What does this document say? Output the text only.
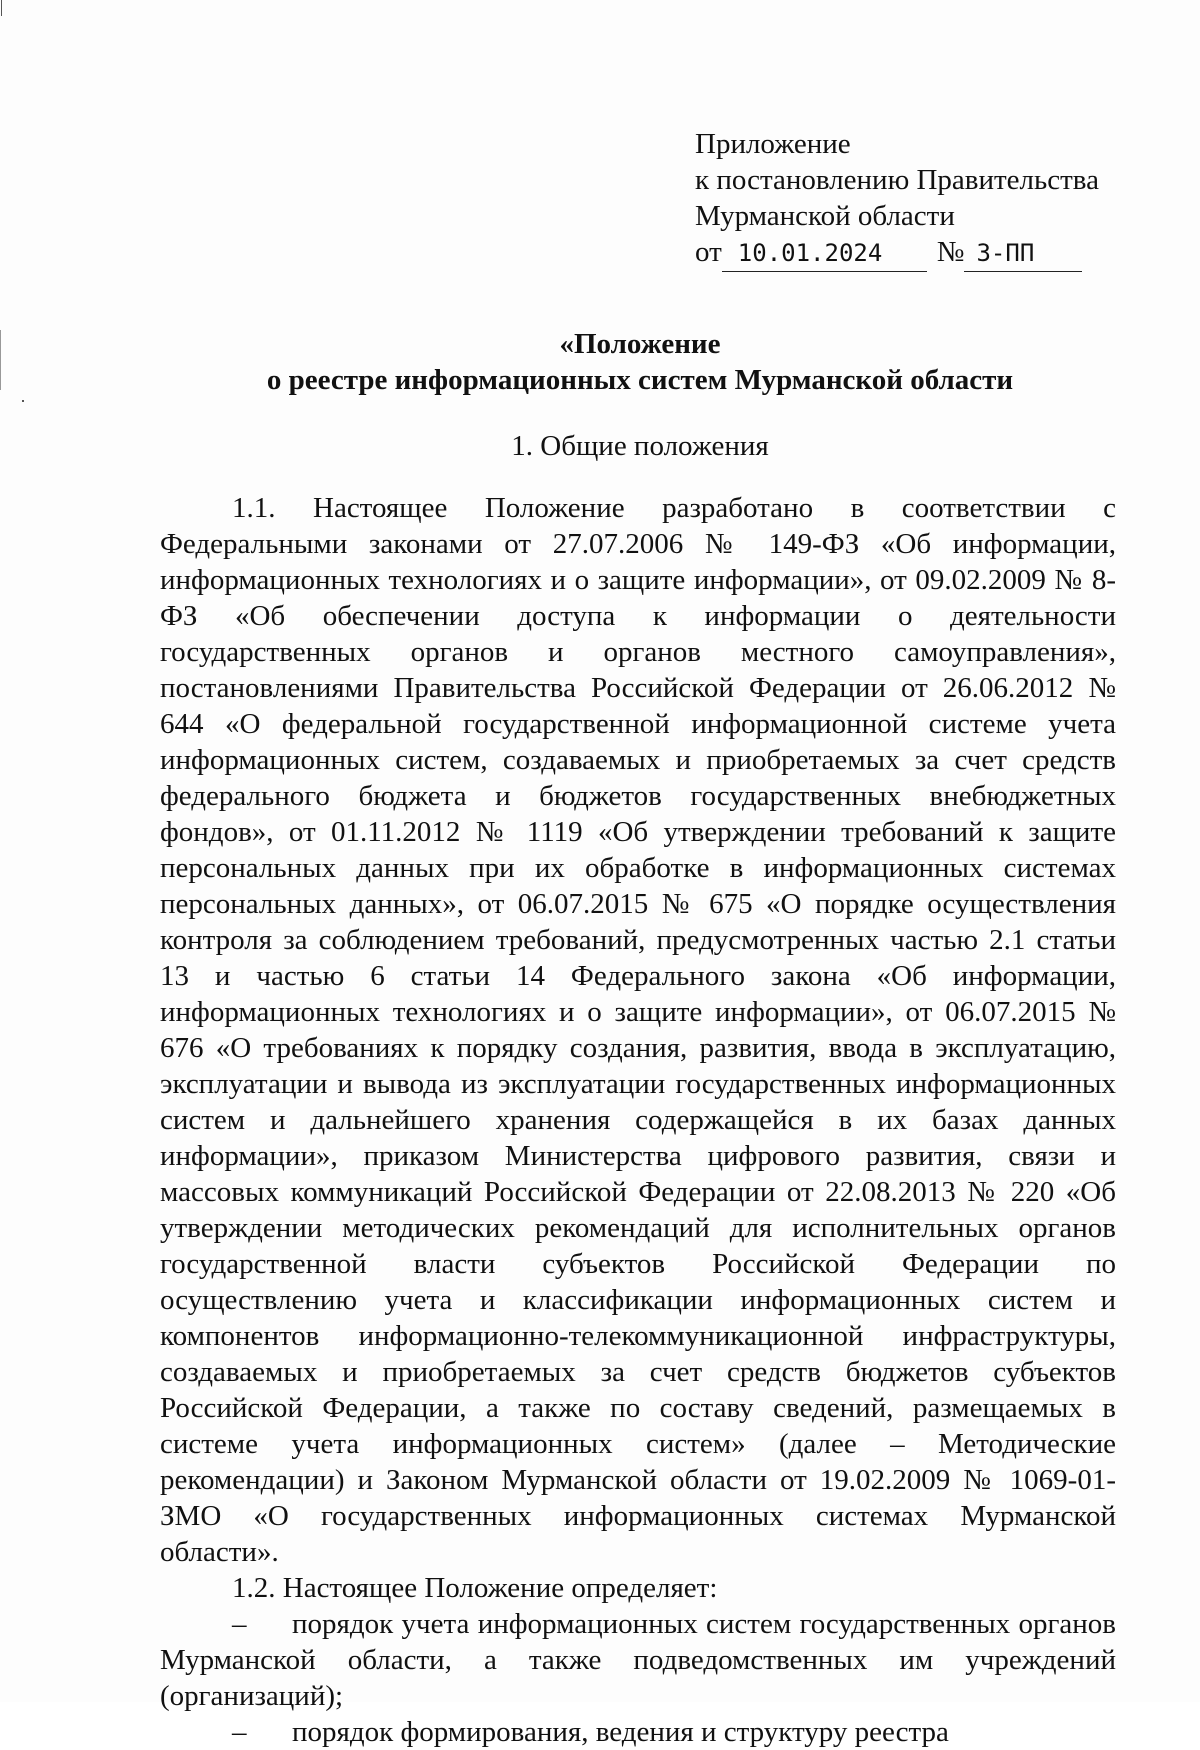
Приложение
к постановлению Правительства
Мурманской области
от 10.01.2024 № 3-ПП
«Положение
о реестре информационных систем Мурманской области
1. Общие положения

1.1. Настоящее Положение разработано в соответствии с Федеральными законами от 27.07.2006 № 149-ФЗ «Об информации, информационных технологиях и о защите информации», от 09.02.2009 № 8-ФЗ «Об обеспечении доступа к информации о деятельности государственных органов и органов местного самоуправления», постановлениями Правительства Российской Федерации от 26.06.2012 № 644 «О федеральной государственной информационной системе учета информационных систем, создаваемых и приобретаемых за счет средств федерального бюджета и бюджетов государственных внебюджетных фондов», от 01.11.2012 № 1119 «Об утверждении требований к защите персональных данных при их обработке в информационных системах персональных данных», от 06.07.2015 № 675 «О порядке осуществления контроля за соблюдением требований, предусмотренных частью 2.1 статьи 13 и частью 6 статьи 14 Федерального закона «Об информации, информационных технологиях и о защите информации», от 06.07.2015 № 676 «О требованиях к порядку создания, развития, ввода в эксплуатацию, эксплуатации и вывода из эксплуатации государственных информационных систем и дальнейшего хранения содержащейся в их базах данных информации», приказом Министерства цифрового развития, связи и массовых коммуникаций Российской Федерации от 22.08.2013 № 220 «Об утверждении методических рекомендаций для исполнительных органов государственной власти субъектов Российской Федерации по осуществлению учета и классификации информационных систем и компонентов информационно-телекоммуникационной инфраструктуры, создаваемых и приобретаемых за счет средств бюджетов субъектов Российской Федерации, а также по составу сведений, размещаемых в системе учета информационных систем» (далее – Методические рекомендации) и Законом Мурманской области от 19.02.2009 № 1069-01-ЗМО «О государственных информационных системах Мурманской области».

1.2. Настоящее Положение определяет:

– порядок учета информационных систем государственных органов Мурманской области, а также подведомственных им учреждений (организаций);

– порядок формирования, ведения и структуру реестра
